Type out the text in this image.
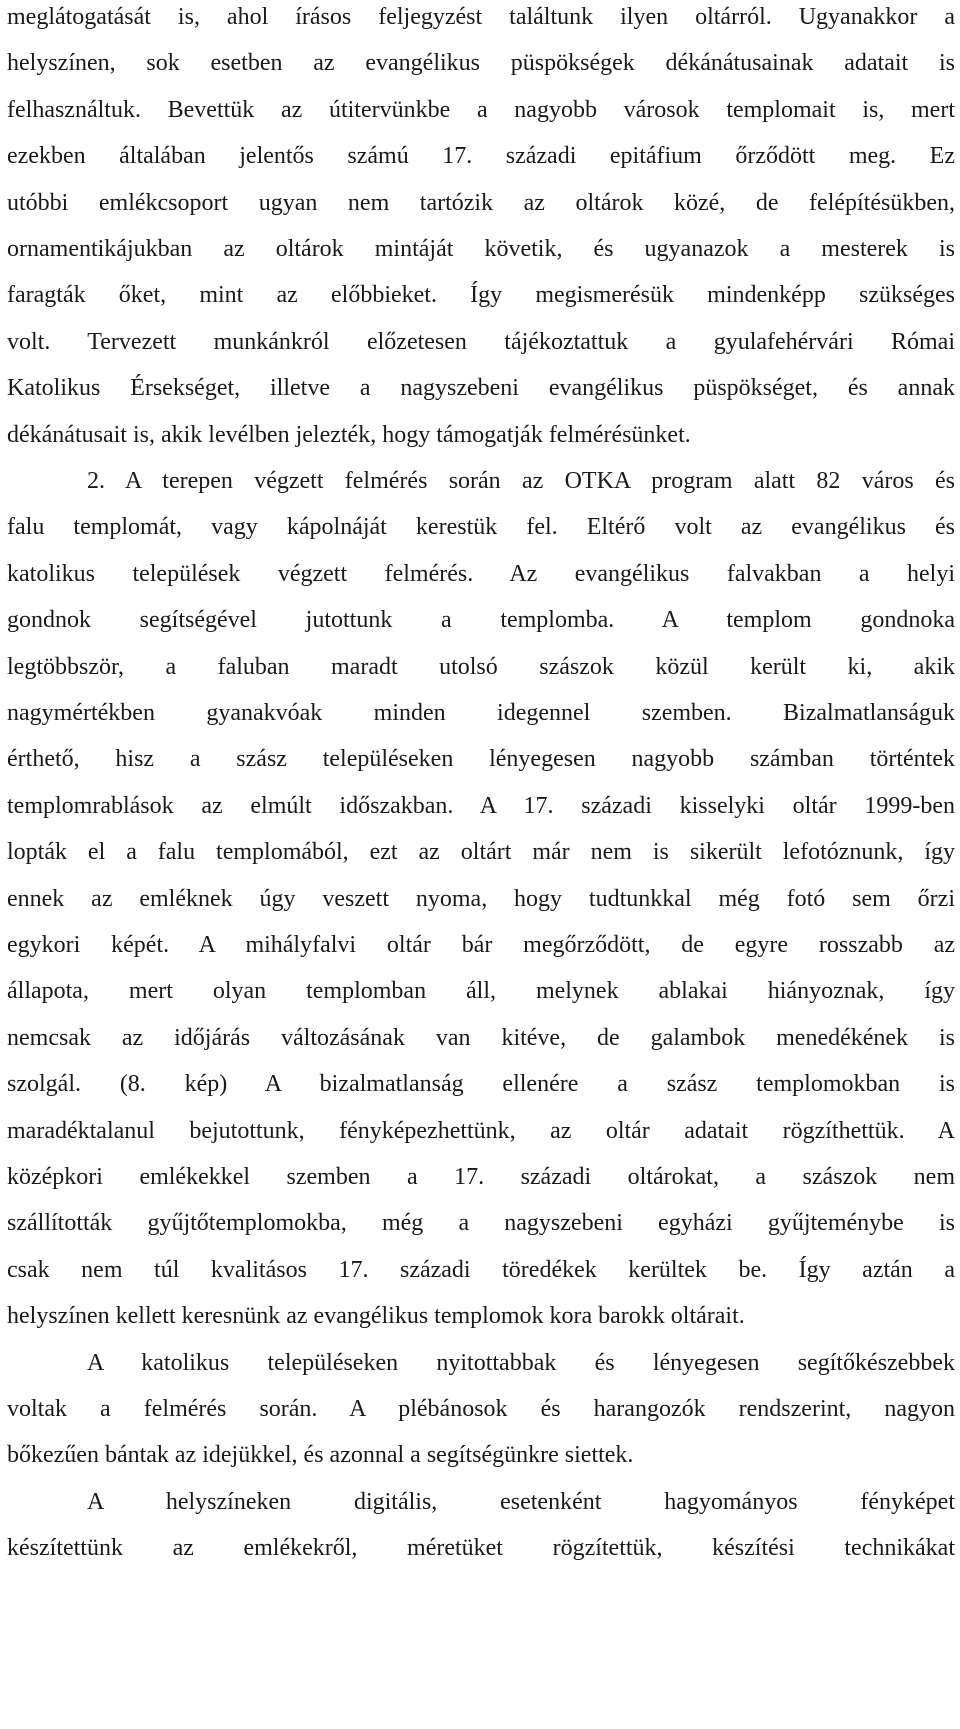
meglátogatását is, ahol írásos feljegyzést találtunk ilyen oltárról. Ugyanakkor a
helyszínen, sok esetben az evangélikus püspökségek dékánátusainak adatait is
felhasználtuk. Bevettük az útitervünkbe a nagyobb városok templomait is, mert
ezekben általában jelentős számú 17. századi epitáfium őrződött meg. Ez
utóbbi emlékcsoport ugyan nem tartózik az oltárok közé, de felépítésükben,
ornamentikájukban az oltárok mintáját követik, és ugyanazok a mesterek is
faragták őket, mint az előbbieket. Így megismerésük mindenképp szükséges
volt. Tervezett munkánkról előzetesen tájékoztattuk a gyulafehérvári Római
Katolikus Érsekséget, illetve a nagyszebeni evangélikus püspökséget, és annak
dékánátusait is, akik levélben jelezték, hogy támogatják felmérésünket.
2. A terepen végzett felmérés során az OTKA program alatt 82 város és
falu templomát, vagy kápolnáját kerestük fel. Eltérő volt az evangélikus és
katolikus települések végzett felmérés. Az evangélikus falvakban a helyi
gondnok segítségével jutottunk a templomba. A templom gondnoka
legtöbbször, a faluban maradt utolsó szászok közül került ki, akik
nagymértékben gyanakvóak minden idegennel szemben. Bizalmatlanságuk
érthető, hisz a szász településeken lényegesen nagyobb számban történtek
templomrablások az elmúlt időszakban. A 17. századi kisselyki oltár 1999-ben
lopták el a falu templomából, ezt az oltárt már nem is sikerült lefotóznunk, így
ennek az emléknek úgy veszett nyoma, hogy tudtunkkal még fotó sem őrzi
egykori képét. A mihályfalvi oltár bár megőrződött, de egyre rosszabb az
állapota, mert olyan templomban áll, melynek ablakai hiányoznak, így
nemcsak az időjárás változásának van kitéve, de galambok menedékének is
szolgál. (8. kép) A bizalmatlanság ellenére a szász templomokban is
maradéktalanul bejutottunk, fényképezhettünk, az oltár adatait rögzíthettük. A
középkori emlékekkel szemben a 17. századi oltárokat, a szászok nem
szállították gyűjtőtemplomokba, még a nagyszebeni egyházi gyűjteménybe is
csak nem túl kvalitásos 17. századi töredékek kerültek be. Így aztán a
helyszínen kellett keresnünk az evangélikus templomok kora barokk oltárait.
A katolikus településeken nyitottabbak és lényegesen segítőkészebbek
voltak a felmérés során. A plébánosok és harangozók rendszerint, nagyon
bőkezűen bántak az idejükkel, és azonnal a segítségünkre siettek.
A helyszíneken digitális, esetenként hagyományos fényképet
készítettünk az emlékekről, méretüket rögzítettük, készítési technikákat
